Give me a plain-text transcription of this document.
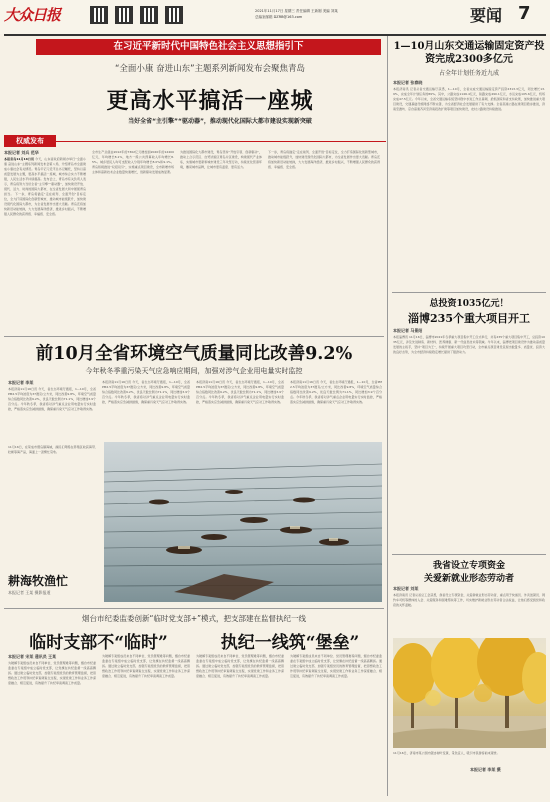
大众日报	2021年11月17日 星期三 责任编辑 王新刚 美编 刘某
总编室邮箱 DZRB@163.com	要闻 7
在习近平新时代中国特色社会主义思想指引下
“全面小康 奋进山东”主题系列新闻发布会聚焦青岛
更高水平搞活一座城
当好全省“主引擎”“驱动器”，推动现代化国际大都市建设实现新突破
权威发布
本报记者 刘兵 范华
本报青岛11月16日讯 今天，山东省政府新闻办举行“全面小康 奋进山东”主题系列新闻发布会第八场，介绍青岛市全面建成小康社会有关情况。青岛牢记习近平总书记嘱托，坚持以高质量发展为主题，更高水平搞活一座城，城市综合实力不断增强，人民生活水平持续提高。发布会上，青岛市有关负责人表示，青岛将努力当好全省“主引擎”“驱动器”，加快建设开放、现代、活力、时尚的国际大都市，在全省发展大局中展现青岛担当。 下一步，青岛将锚定“走在前列、全面开创”目标定位，全力打造国际化创新型城市，推动城市能级跃升，加快建设现代化国际大都市，为全省发展作出更大贡献。青岛还将加快新旧动能转换，大力发展海洋经济，推进乡村振兴，不断增强人民群众的获得感、幸福感、安全感。
全市生产总值由2012年的7302亿元增加到2020年的12400亿元，年均增长8.1%，地方一般公共预算收入年均增长8.5%。城乡居民人均可支配收入分别年均增长8.0%和9.1%。青岛积极推进“双招双引”，实施重点项目建设，全市新增市场主体和高新技术企业数量快速增长，创新驱动发展成效显著。
为推进国际化大都市建设，青岛坚持“开放引领、创新驱动”，推动上合示范区、自贸试验区青岛片区建设，构建现代产业体系，实施城市更新和城市建设三年攻坚行动，持续优化营商环境，擦亮城市品牌，让城市更有温度、更有活力。
下一步，青岛将锚定“走在前列、全面开创”目标定位，全力打造国际化创新型城市，推动城市能级跃升，加快建设现代化国际大都市，为全省发展作出更大贡献。青岛还将加快新旧动能转换，大力发展海洋经济，推进乡村振兴，不断增强人民群众的获得感、幸福感、安全感。
1—10月山东交通运输固定资产投资完成2300多亿元
占全年计划任务近九成
本报记者 张春晓
本报济南讯 记者从省交通运输厅获悉，1—10月，全省完成交通运输固定资产投资2313.3亿元，同比增长13.9%，完成全年计划任务的89%。其中，公路完成1146.4亿元，铁路完成490.1亿元，水运完成105.6亿元，机场完成47.5亿元。今年以来，全省交通运输系统坚持稳中求进工作总基调，抢抓国家和省支持政策，加快推进重大项目建设，交通基础设施网络不断完善，为全省经济社会发展提供了有力支撑。全省高速公路在建项目稳步推进，济南至潍坊、京台高速齐河至济南段改扩建等项目加快建设，农村公路建设持续推进。
总投资1035亿元！
淄博235个重大项目开工
本报记者 马景阳
本报淄博讯 11月16日，淄博市2021年冬季重大项目集中开工仪式举行，共有235个重大项目集中开工，总投资1035亿元，涉及先进制造、新材料、医养健康、新一代信息技术等领域。今年以来，淄博把项目建设作为推动高质量发展的主抓手，坚持“项目为王”，持续开展重大项目攻坚行动，全市重点项目建设呈现出数量多、质量优、投资大的良好态势，为全市经济持续稳定增长提供了强劲动力。
我省设立专项资金
关爱新就业形态劳动者
本报记者 刘某
本报济南讯 记者从省总工会获悉，我省设立专项资金，关爱新就业形态劳动者，重点用于快递员、外卖送餐员、网约车司机等群体的入会、关爱服务和困难帮扶等工作，切实维护新就业形态劳动者合法权益，让他们感受到党和政府的关怀温暖。
11月16日，济南市某公园内银杏树叶变黄，景色宜人，吸引市民游客前来观赏。
本报记者 李某 摄
前10月全省环境空气质量同比改善9.2%
今年秋冬季重污染天气应急响应期间，加强对涉气企业用电量实时监控
本报记者 李某
本报济南11月16日讯 今天，省生态环境厅通报，1—10月，全省PM2.5平均浓度为37微克/立方米，同比改善9.8%，环境空气质量综合指数同比改善9.2%，优良天数比例为71.1%，同比增加3.9个百分点。今年秋冬季，我省将对涉气重点企业用电量实行实时监控，严格落实应急减排措施，确保重污染天气应对工作取得实效。
本报济南11月16日讯 今天，省生态环境厅通报，1—10月，全省PM2.5平均浓度为37微克/立方米，同比改善9.8%，环境空气质量综合指数同比改善9.2%，优良天数比例为71.1%，同比增加3.9个百分点。今年秋冬季，我省将对涉气重点企业用电量实行实时监控，严格落实应急减排措施，确保重污染天气应对工作取得实效。
本报济南11月16日讯 今天，省生态环境厅通报，1—10月，全省PM2.5平均浓度为37微克/立方米，同比改善9.8%，环境空气质量综合指数同比改善9.2%，优良天数比例为71.1%，同比增加3.9个百分点。今年秋冬季，我省将对涉气重点企业用电量实行实时监控，严格落实应急减排措施，确保重污染天气应对工作取得实效。
本报济南11月16日讯 今天，省生态环境厅通报，1—10月，全省PM2.5平均浓度为37微克/立方米，同比改善9.8%，环境空气质量综合指数同比改善9.2%，优良天数比例为71.1%，同比增加3.9个百分点。今年秋冬季，我省将对涉气重点企业用电量实行实时监控，严格落实应急减排措施，确保重污染天气应对工作取得实效。
耕海牧渔忙
本报记者 王某 摄影报道
11月16日，在荣成市俚岛镇海域，渔民们驾船在养殖区收获海带、牡蛎等海产品，海面上一派繁忙景象。
烟台市纪委监委创新“临时党支部+”模式，把支部建在监督执纪一线
临时支部不“临时”	执纪一线筑“堡垒”
本报记者 宋某 通讯员 王某
为破解专案组成员来自不同单位、党员管理难等问题，烟台市纪委监委在专案组中成立临时党支部，让党旗在执纪监督一线高高飘扬。通过建立临时党支部，加强专案组党员的教育管理监督，把思想政治工作贯穿执纪审查调查全过程，实现党建工作和业务工作深度融合、相互促进，有效提升了执纪审查调查工作质量。
为破解专案组成员来自不同单位、党员管理难等问题，烟台市纪委监委在专案组中成立临时党支部，让党旗在执纪监督一线高高飘扬。通过建立临时党支部，加强专案组党员的教育管理监督，把思想政治工作贯穿执纪审查调查全过程，实现党建工作和业务工作深度融合、相互促进，有效提升了执纪审查调查工作质量。
为破解专案组成员来自不同单位、党员管理难等问题，烟台市纪委监委在专案组中成立临时党支部，让党旗在执纪监督一线高高飘扬。通过建立临时党支部，加强专案组党员的教育管理监督，把思想政治工作贯穿执纪审查调查全过程，实现党建工作和业务工作深度融合、相互促进，有效提升了执纪审查调查工作质量。
为破解专案组成员来自不同单位、党员管理难等问题，烟台市纪委监委在专案组中成立临时党支部，让党旗在执纪监督一线高高飘扬。通过建立临时党支部，加强专案组党员的教育管理监督，把思想政治工作贯穿执纪审查调查全过程，实现党建工作和业务工作深度融合、相互促进，有效提升了执纪审查调查工作质量。
